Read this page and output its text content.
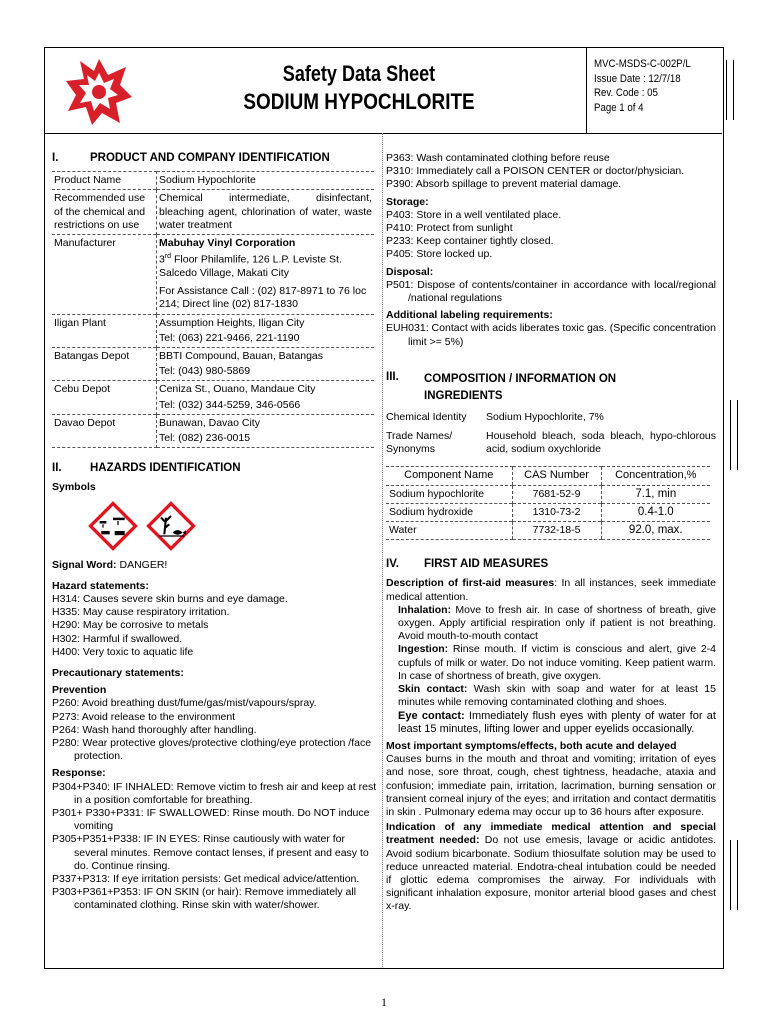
Safety Data Sheet
SODIUM HYPOCHLORITE
MVC-MSDS-C-002P/L
Issue Date : 12/7/18
Rev. Code : 05
Page 1 of 4
I.	PRODUCT AND COMPANY IDENTIFICATION
Product Name	Sodium Hypochlorite
Recommended use of the chemical and restrictions on use	Chemical intermediate, disinfectant, bleaching agent, chlorination of water, waste water treatment
Manufacturer	Mabuhay Vinyl Corporation
3rd Floor Philamlife, 126 L.P. Leviste St. Salcedo Village, Makati City
For Assistance Call : (02) 817-8971 to 76 loc 214; Direct line (02) 817-1830

Iligan Plant	Assumption Heights, Iligan City
Tel: (063) 221-9466, 221-1190

Batangas Depot	BBTI Compound, Bauan, Batangas
Tel: (043) 980-5869

Cebu Depot	Ceniza St., Ouano, Mandaue City
Tel: (032) 344-5259, 346-0566

Davao Depot	Bunawan, Davao City
Tel: (082) 236-0015
II.	HAZARDS IDENTIFICATION
Symbols
Signal Word: DANGER!
Hazard statements:
H314: Causes severe skin burns and eye damage.
H335: May cause respiratory irritation.
H290: May be corrosive to metals
H302: Harmful if swallowed.
H400: Very toxic to aquatic life
Precautionary statements:
Prevention
P260: Avoid breathing dust/fume/gas/mist/vapours/spray.
P273: Avoid release to the environment
P264: Wash hand thoroughly after handling.
P280: Wear protective gloves/protective clothing/eye protection /face protection.
Response:
P304+P340: IF INHALED: Remove victim to fresh air and keep at rest in a position comfortable for breathing.
P301+ P330+P331: IF SWALLOWED: Rinse mouth. Do NOT induce vomiting
P305+P351+P338: IF IN EYES: Rinse cautiously with water for several minutes. Remove contact lenses, if present and easy to do. Continue rinsing.
P337+P313: If eye irritation persists: Get medical advice/attention.
P303+P361+P353: IF ON SKIN (or hair): Remove immediately all contaminated clothing. Rinse skin with water/shower.
P363: Wash contaminated clothing before reuse
P310: Immediately call a POISON CENTER or doctor/physician.
P390: Absorb spillage to prevent material damage.
Storage:
P403: Store in a well ventilated place.
P410: Protect from sunlight
P233: Keep container tightly closed.
P405: Store locked up.
Disposal:
P501: Dispose of contents/container in accordance with local/regional /national regulations
Additional labeling requirements:
EUH031: Contact with acids liberates toxic gas. (Specific concentration limit >= 5%)
III.	COMPOSITION / INFORMATION ON INGREDIENTS
Chemical Identity	Sodium Hypochlorite, 7%
Trade Names/ Synonyms
Household bleach, soda bleach, hypo-chlorous acid, sodium oxychloride
Component Name	CAS Number	Concentration,%
Sodium hypochlorite	7681-52-9	7.1, min
Sodium hydroxide	1310-73-2	0.4-1.0
Water	7732-18-5	92.0, max.
IV.	FIRST AID MEASURES
Description of first-aid measures: In all instances, seek immediate medical attention.
Inhalation: Move to fresh air. In case of shortness of breath, give oxygen. Apply artificial respiration only if patient is not breathing. Avoid mouth-to-mouth contact
Ingestion: Rinse mouth. If victim is conscious and alert, give 2-4 cupfuls of milk or water. Do not induce vomiting. Keep patient warm. In case of shortness of breath, give oxygen.
Skin contact: Wash skin with soap and water for at least 15 minutes while removing contaminated clothing and shoes.
Eye contact: Immediately flush eyes with plenty of water for at least 15 minutes, lifting lower and upper eyelids occasionally.
Most important symptoms/effects, both acute and delayed
Causes burns in the mouth and throat and vomiting; irritation of eyes and nose, sore throat, cough, chest tightness, headache, ataxia and confusion; immediate pain, irritation, lacrimation, burning sensation or transient corneal injury of the eyes; and irritation and contact dermatitis in skin . Pulmonary edema may occur up to 36 hours after exposure.
Indication of any immediate medical attention and special treatment needed: Do not use emesis, lavage or acidic antidotes. Avoid sodium bicarbonate. Sodium thiosulfate solution may be used to reduce unreacted material. Endotra-cheal intubation could be needed if glottic edema compromises the airway. For individuals with significant inhalation exposure, monitor arterial blood gases and chest x-ray.
1
